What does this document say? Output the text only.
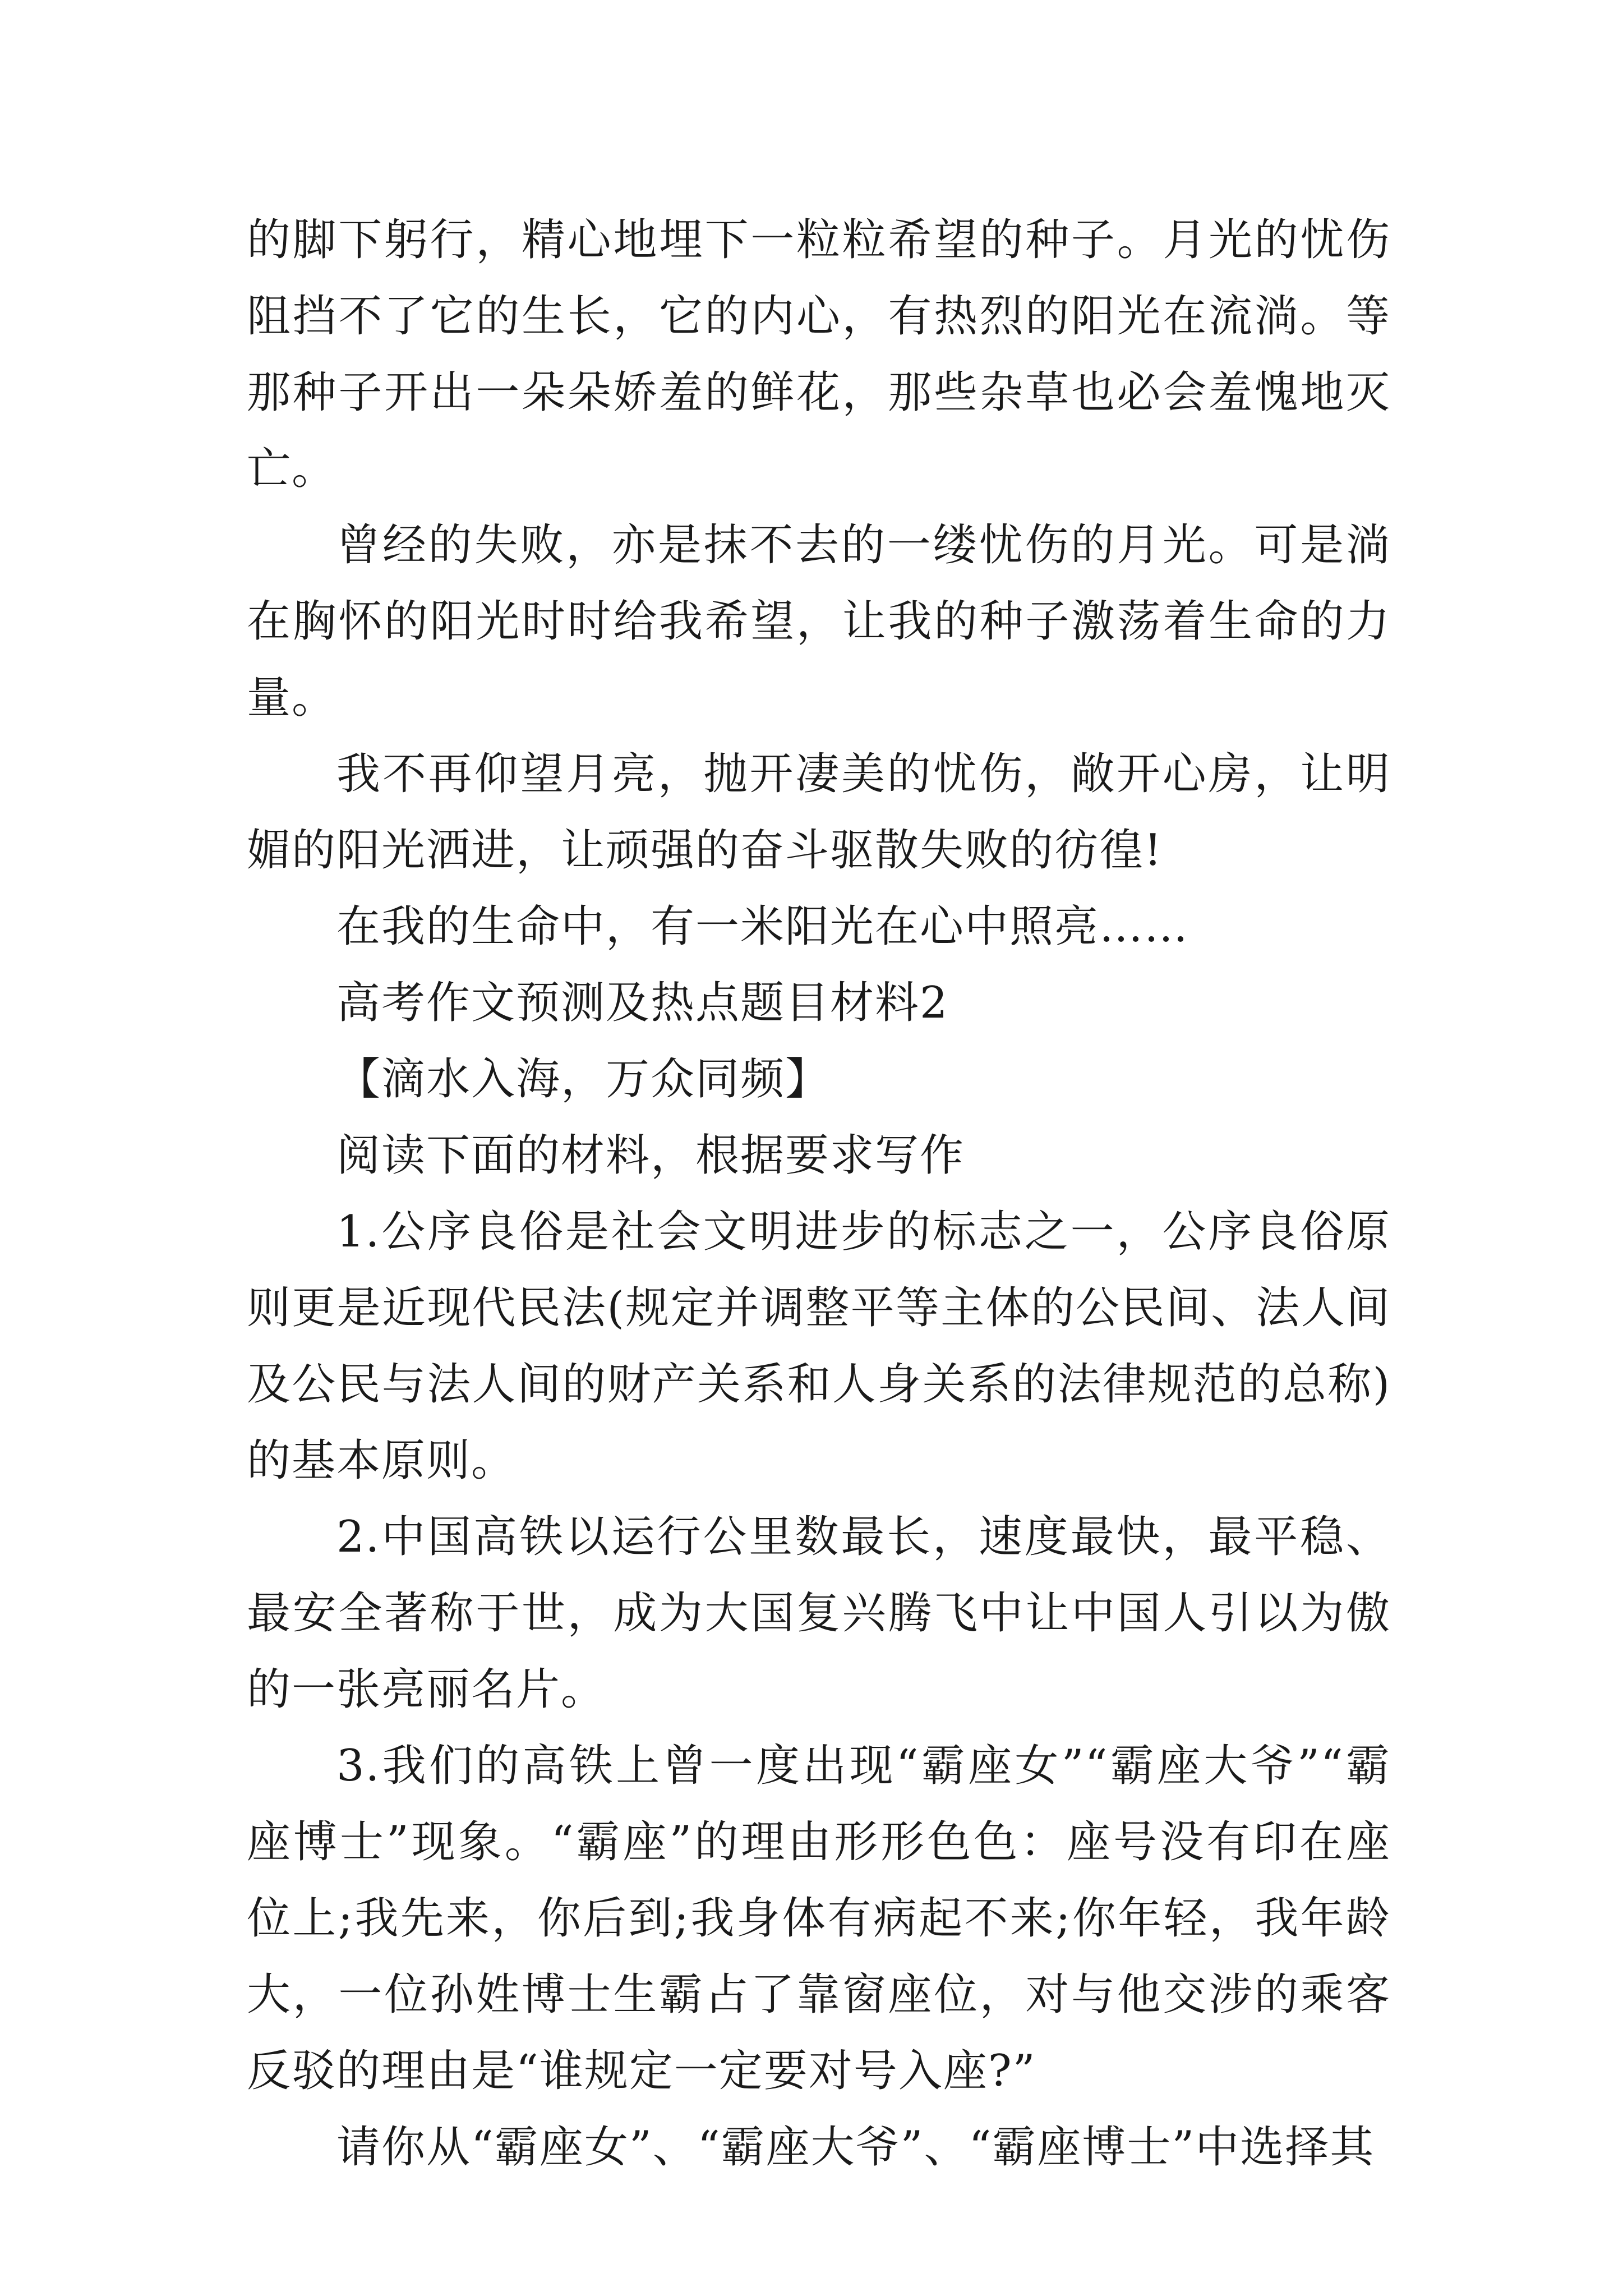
的脚下躬行，精心地埋下一粒粒希望的种子。月光的忧伤阻挡不了它的生长，它的内心，有热烈的阳光在流淌。等那种子开出一朵朵娇羞的鲜花，那些杂草也必会羞愧地灭亡。

曾经的失败，亦是抹不去的一缕忧伤的月光。可是淌在胸怀的阳光时时给我希望，让我的种子激荡着生命的力量。

我不再仰望月亮，抛开凄美的忧伤，敞开心房，让明媚的阳光洒进，让顽强的奋斗驱散失败的彷徨!

在我的生命中，有一米阳光在心中照亮……

高考作文预测及热点题目材料2

【滴水入海，万众同频】

阅读下面的材料，根据要求写作

1.公序良俗是社会文明进步的标志之一，公序良俗原则更是近现代民法(规定并调整平等主体的公民间、法人间及公民与法人间的财产关系和人身关系的法律规范的总称)的基本原则。

2.中国高铁以运行公里数最长，速度最快，最平稳、最安全著称于世，成为大国复兴腾飞中让中国人引以为傲的一张亮丽名片。

3.我们的高铁上曾一度出现“霸座女”“霸座大爷”“霸座博士”现象。“霸座”的理由形形色色：座号没有印在座位上;我先来，你后到;我身体有病起不来;你年轻，我年龄大，一位孙姓博士生霸占了靠窗座位，对与他交涉的乘客反驳的理由是“谁规定一定要对号入座?”

请你从“霸座女”、“霸座大爷”、“霸座博士”中选择其
